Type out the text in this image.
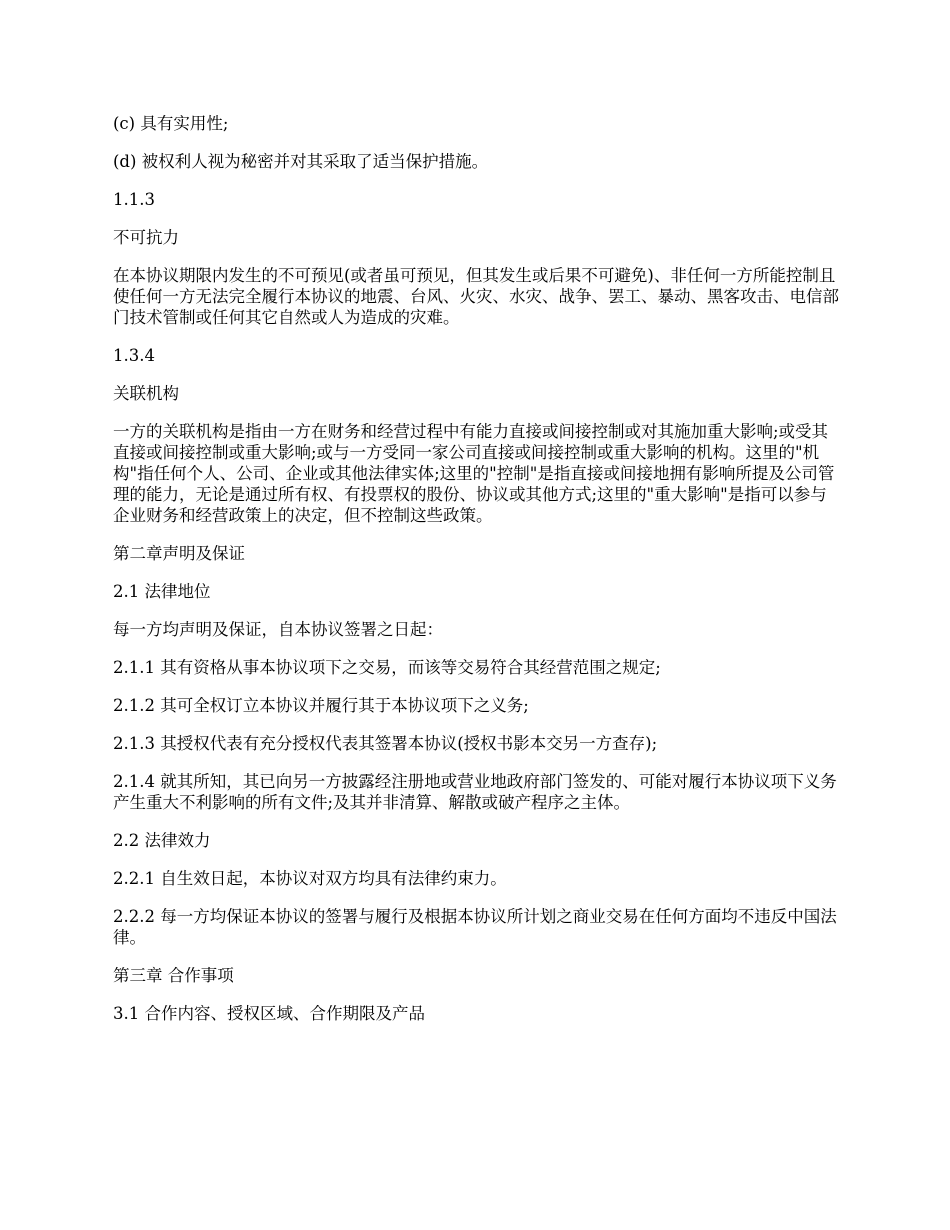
(c) 具有实用性;

(d) 被权利人视为秘密并对其采取了适当保护措施。

1.1.3

不可抗力

在本协议期限内发生的不可预见(或者虽可预见，但其发生或后果不可避免)、非任何一方所能控制且使任何一方无法完全履行本协议的地震、台风、火灾、水灾、战争、罢工、暴动、黑客攻击、电信部门技术管制或任何其它自然或人为造成的灾难。

1.3.4

关联机构

一方的关联机构是指由一方在财务和经营过程中有能力直接或间接控制或对其施加重大影响;或受其直接或间接控制或重大影响;或与一方受同一家公司直接或间接控制或重大影响的机构。这里的"机构"指任何个人、公司、企业或其他法律实体;这里的"控制"是指直接或间接地拥有影响所提及公司管理的能力，无论是通过所有权、有投票权的股份、协议或其他方式;这里的"重大影响"是指可以参与企业财务和经营政策上的决定，但不控制这些政策。

第二章声明及保证

2.1 法律地位

每一方均声明及保证，自本协议签署之日起：

2.1.1 其有资格从事本协议项下之交易，而该等交易符合其经营范围之规定;

2.1.2 其可全权订立本协议并履行其于本协议项下之义务;

2.1.3 其授权代表有充分授权代表其签署本协议(授权书影本交另一方查存);

2.1.4 就其所知，其已向另一方披露经注册地或营业地政府部门签发的、可能对履行本协议项下义务产生重大不利影响的所有文件;及其并非清算、解散或破产程序之主体。

2.2 法律效力

2.2.1 自生效日起，本协议对双方均具有法律约束力。

2.2.2 每一方均保证本协议的签署与履行及根据本协议所计划之商业交易在任何方面均不违反中国法律。

第三章 合作事项

3.1 合作内容、授权区域、合作期限及产品
